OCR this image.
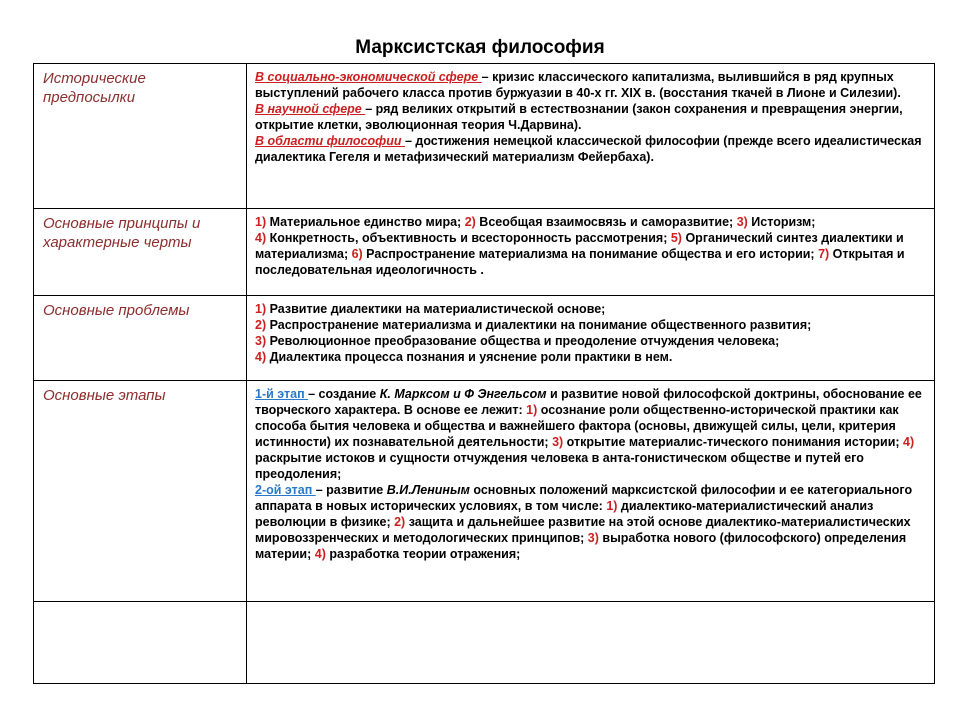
Марксистская философия
Исторические предпосылки	В социально-экономической сфере – кризис классического капитализма, вылившийся в ряд крупных выступлений рабочего класса против буржуазии в 40-х гг. XIX в. (восстания ткачей в Лионе и Силезии).
В научной сфере – ряд великих открытий в естествознании (закон сохранения и превращения энергии, открытие клетки, эволюционная теория Ч.Дарвина).
В области философии – достижения немецкой классической философии (прежде всего идеалистическая диалектика Гегеля и метафизический материализм Фейербаха).

Основные принципы и характерные черты	1) Материальное единство мира; 2) Всеобщая взаимосвязь и саморазвитие; 3) Историзм;
4) Конкретность, объективность и всесторонность рассмотрения; 5) Органический синтез диалектики и материализма; 6) Распространение материализма на понимание общества и его истории; 7) Открытая и последовательная идеологичность .

Основные проблемы	1) Развитие диалектики на материалистической основе;
2) Распространение материализма и диалектики на понимание общественного развития;
3) Революционное преобразование общества и преодоление отчуждения человека;
4) Диалектика процесса познания и уяснение роли практики в нем.

Основные этапы	1-й этап – создание К. Марксом и Ф Энгельсом и развитие новой философской доктрины, обоснование ее творческого характера. В основе ее лежит: 1) осознание роли общественно-исторической практики как способа бытия человека и общества и важнейшего фактора (основы, движущей силы, цели, критерия истинности) их познавательной деятельности; 3) открытие материалис-тического понимания истории; 4) раскрытие истоков и сущности отчуждения человека в анта-гонистическом обществе и путей его преодоления;
2-ой этап – развитие В.И.Лениным основных положений марксистской философии и ее категориального аппарата в новых исторических условиях, в том числе: 1) диалектико-материалистический анализ революции в физике; 2) защита и дальнейшее развитие на этой основе диалектико-материалистических мировоззренческих и методологических принципов; 3) выработка нового (философского) определения материи; 4) разработка теории отражения;
